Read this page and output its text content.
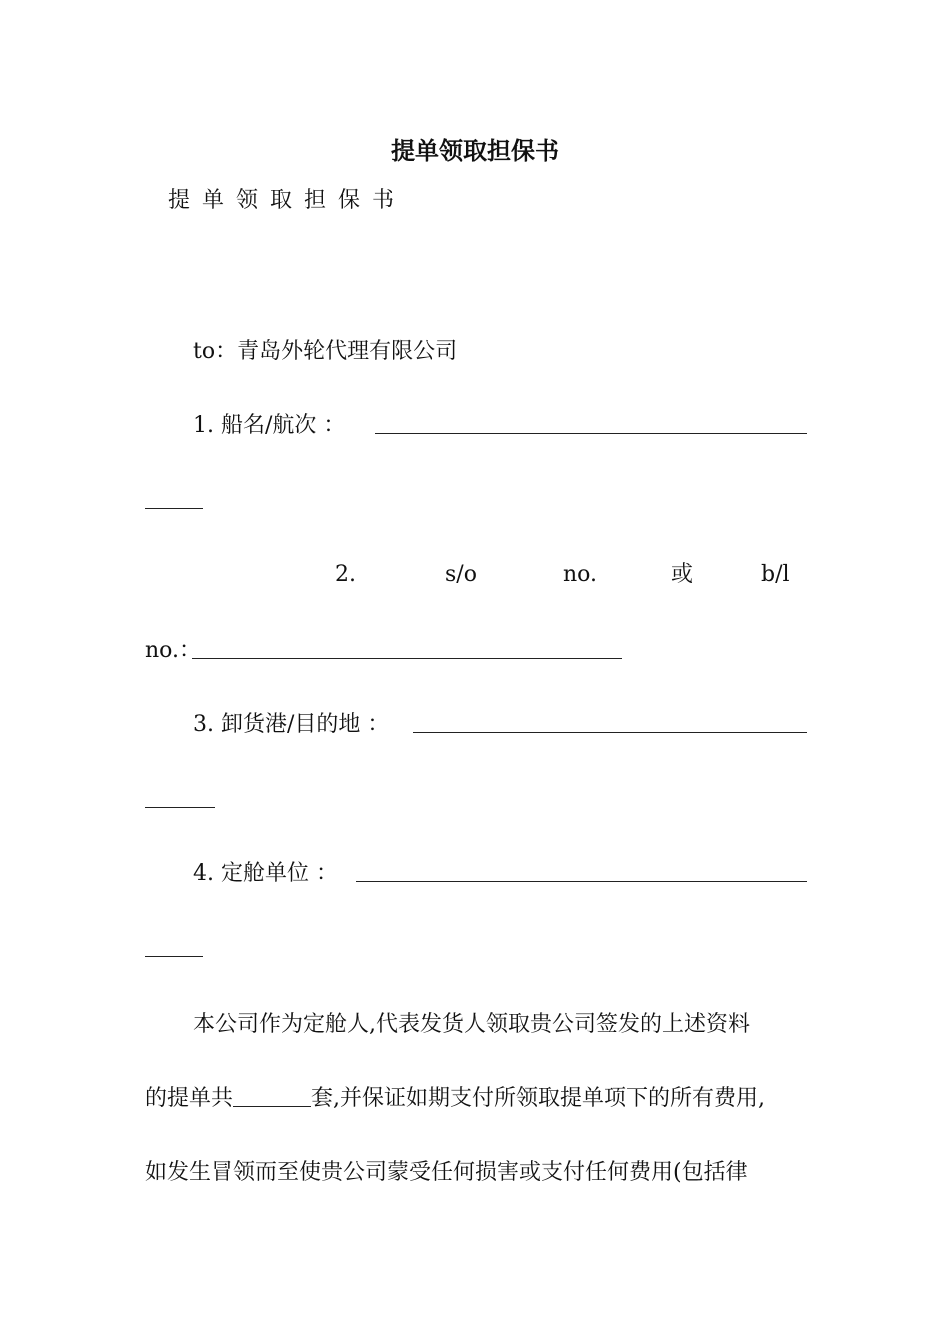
提单领取担保书
提单领取担保书
to：青岛外轮代理有限公司
1. 船名/航次 ：
2.	s/o	no.	或	b/l
no.：
3. 卸货港/目的地 ：
4. 定舱单位 ：
本公司作为定舱人,代表发货人领取贵公司签发的上述资料
的提单共	套,并保证如期支付所领取提单项下的所有费用,
如发生冒领而至使贵公司蒙受任何损害或支付任何费用(包括律
